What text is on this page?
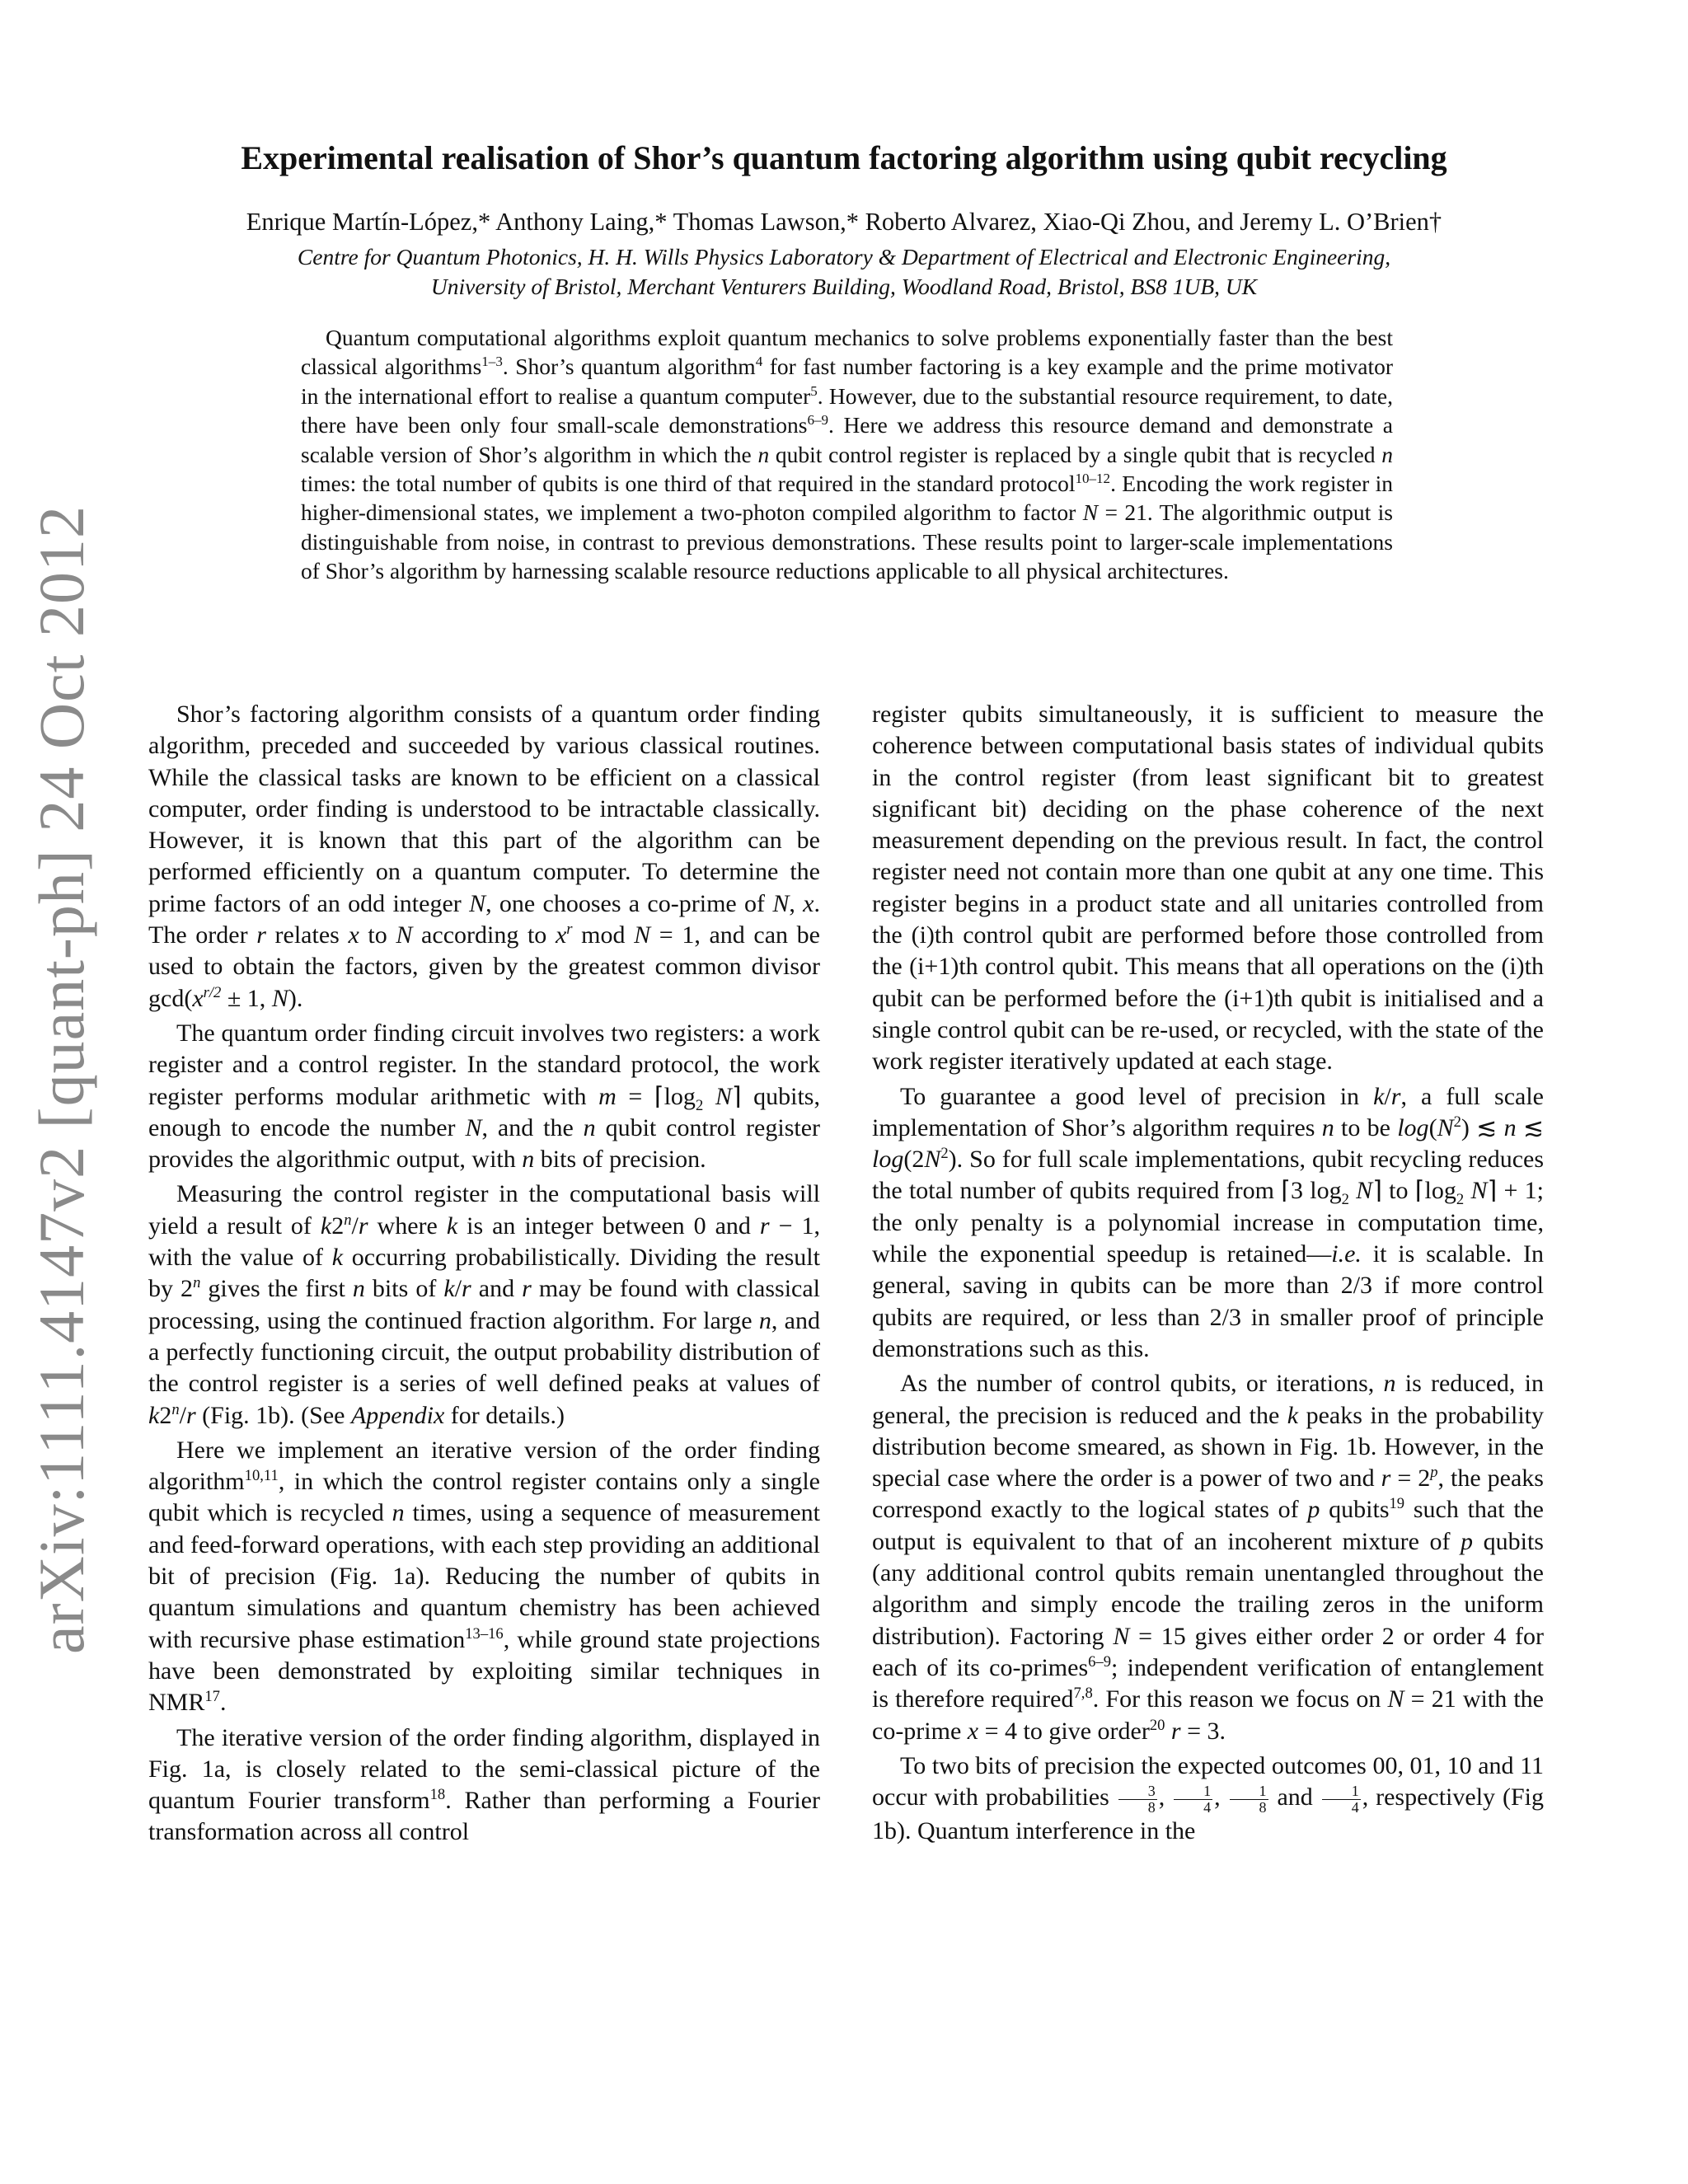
arXiv:1111.4147v2 [quant-ph] 24 Oct 2012
Experimental realisation of Shor’s quantum factoring algorithm using qubit recycling
Enrique Martín-López,* Anthony Laing,* Thomas Lawson,* Roberto Alvarez, Xiao-Qi Zhou, and Jeremy L. O’Brien†
Centre for Quantum Photonics, H. H. Wills Physics Laboratory & Department of Electrical and Electronic Engineering,
University of Bristol, Merchant Venturers Building, Woodland Road, Bristol, BS8 1UB, UK

Quantum computational algorithms exploit quantum mechanics to solve problems exponentially faster than the best classical algorithms$^{1-3}$. Shor’s quantum algorithm$^4$ for fast number factoring is a key example and the prime motivator in the international effort to realise a quantum computer$^5$. However, due to the substantial resource requirement, to date, there have been only four small-scale demonstrations$^{6-9}$. Here we address this resource demand and demonstrate a scalable version of Shor’s algorithm in which the n qubit control register is replaced by a single qubit that is recycled n times: the total number of qubits is one third of that required in the standard protocol$^{10-12}$. Encoding the work register in higher-dimensional states, we implement a two-photon compiled algorithm to factor N = 21. The algorithmic output is distinguishable from noise, in contrast to previous demonstrations. These results point to larger-scale implementations of Shor’s algorithm by harnessing scalable resource reductions applicable to all physical architectures.

Shor’s factoring algorithm consists of a quantum order finding algorithm, preceded and succeeded by various classical routines. While the classical tasks are known to be efficient on a classical computer, order finding is understood to be intractable classically. However, it is known that this part of the algorithm can be performed efficiently on a quantum computer. To determine the prime factors of an odd integer N, one chooses a co-prime of N, x. The order r relates x to N according to $x^r$ mod N = 1, and can be used to obtain the factors, given by the greatest common divisor $\gcd(x^{r/2} \pm 1$, N).

The quantum order finding circuit involves two registers: a work register and a control register. In the standard protocol, the work register performs modular arithmetic with $m = ⌈\log_2$ N⌉ qubits, enough to encode the number N, and the n qubit control register provides the algorithmic output, with n bits of precision.

Measuring the control register in the computational basis will yield a result of k2$^n$/r where k is an integer between 0 and r − 1, with the value of k occurring probabilistically. Dividing the result by 2$^n$ gives the first n bits of k/r and r may be found with classical processing, using the continued fraction algorithm. For large n, and a perfectly functioning circuit, the output probability distribution of the control register is a series of well defined peaks at values of k2$^n$/r (Fig. 1b). (See Appendix for details.)

Here we implement an iterative version of the order finding algorithm$^{10,11}$, in which the control register contains only a single qubit which is recycled n times, using a sequence of measurement and feed-forward operations, with each step providing an additional bit of precision (Fig. 1a). Reducing the number of qubits in quantum simulations and quantum chemistry has been achieved with recursive phase estimation$^{13-16}$, while ground state projections have been demonstrated by exploiting similar techniques in NMR$^{17}$.

The iterative version of the order finding algorithm, displayed in Fig. 1a, is closely related to the semi-classical picture of the quantum Fourier transform$^{18}$. Rather than performing a Fourier transformation across all control

register qubits simultaneously, it is sufficient to measure the coherence between computational basis states of individual qubits in the control register (from least significant bit to greatest significant bit) deciding on the phase coherence of the next measurement depending on the previous result. In fact, the control register need not contain more than one qubit at any one time. This register begins in a product state and all unitaries controlled from the (i)th control qubit are performed before those controlled from the (i+1)th control qubit. This means that all operations on the (i)th qubit can be performed before the (i+1)th qubit is initialised and a single control qubit can be re-used, or recycled, with the state of the work register iteratively updated at each stage.

To guarantee a good level of precision in k/r, a full scale implementation of Shor’s algorithm requires n to be $\log(N^2)$ ≲ n ≲ $\log(2N^2)$. So for full scale implementations, qubit recycling reduces the total number of qubits required from ⌈3 $\log_2$ N⌉ to $⌈\log_2$ N⌉ + 1; the only penalty is a polynomial increase in computation time, while the exponential speedup is retained—i.e. it is scalable. In general, saving in qubits can be more than 2/3 if more control qubits are required, or less than 2/3 in smaller proof of principle demonstrations such as this.

As the number of control qubits, or iterations, n is reduced, in general, the precision is reduced and the k peaks in the probability distribution become smeared, as shown in Fig. 1b. However, in the special case where the order is a power of two and $r = 2^p$, the peaks correspond exactly to the logical states of p qubits$^{19}$ such that the output is equivalent to that of an incoherent mixture of p qubits (any additional control qubits remain unentangled throughout the algorithm and simply encode the trailing zeros in the uniform distribution). Factoring N = 15 gives either order 2 or order 4 for each of its co-primes$^{6-9}$; independent verification of entanglement is therefore required$^{7,8}$. For this reason we focus on N = 21 with the co-prime x = 4 to give order$^{20}$ r = 3.

To two bits of precision the expected outcomes 00, 01, 10 and 11 occur with probabilities $\frac{3}{8}$ , $\frac{1}{4}$ , $\frac{1}{8}$ and $\frac{1}{4}$ , respectively (Fig 1b). Quantum interference in the
